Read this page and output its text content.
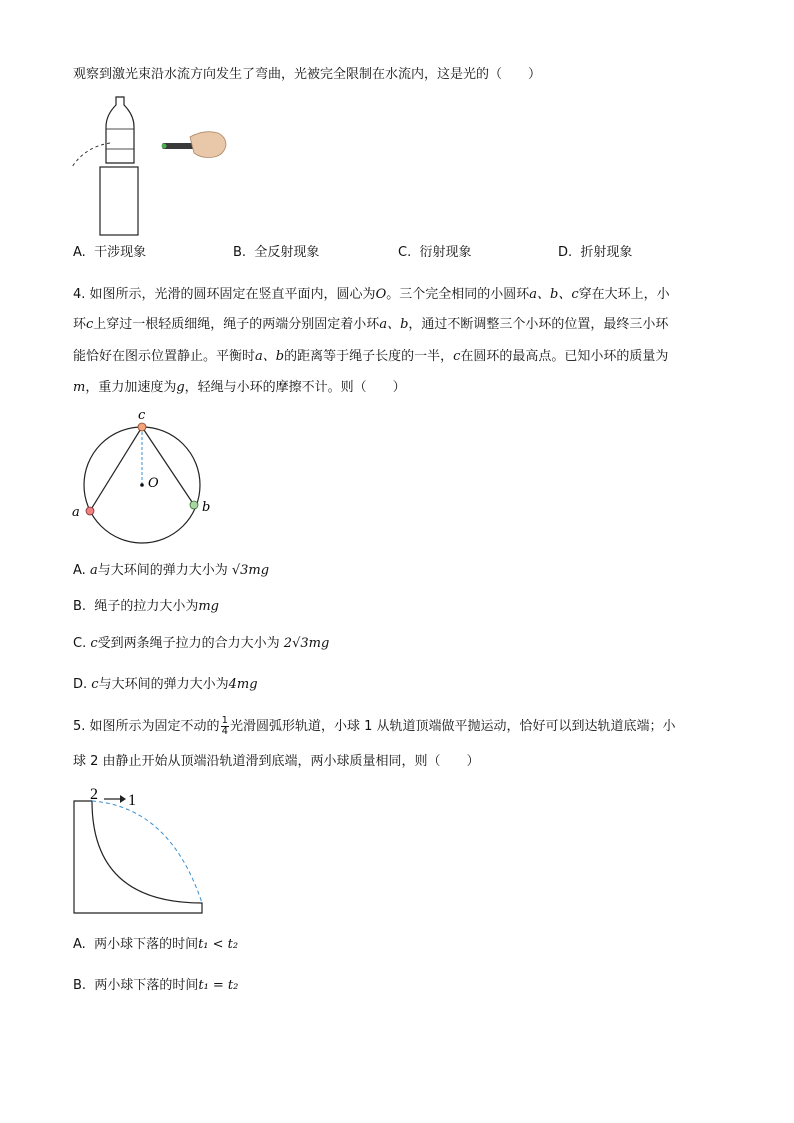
观察到激光束沿水流方向发生了弯曲，光被完全限制在水流内，这是光的（　　）
A. 干涉现象	B. 全反射现象	C. 衍射现象	D. 折射现象
4. 如图所示，光滑的圆环固定在竖直平面内，圆心为O。三个完全相同的小圆环a、b、c穿在大环上，小
环c上穿过一根轻质细绳，绳子的两端分别固定着小环a、b，通过不断调整三个小环的位置，最终三小环
能恰好在图示位置静止。平衡时a、b的距离等于绳子长度的一半，c在圆环的最高点。已知小环的质量为
m，重力加速度为g，轻绳与小环的摩擦不计。则（　　）
c
O
a	b
A. a与大环间的弹力大小为 √3mg
B. 绳子的拉力大小为mg
C. c受到两条绳子拉力的合力大小为 2√3mg
D. c与大环间的弹力大小为4mg
5. 如图所示为固定不动的 $\frac{1}{4}$ 光滑圆弧形轨道，小球 1 从轨道顶端做平抛运动，恰好可以到达轨道底端；小
球 2 由静止开始从顶端沿轨道滑到底端，两小球质量相同，则（　　）
2 1
A. 两小球下落的时间t₁ < t₂
B. 两小球下落的时间t₁ = t₂
